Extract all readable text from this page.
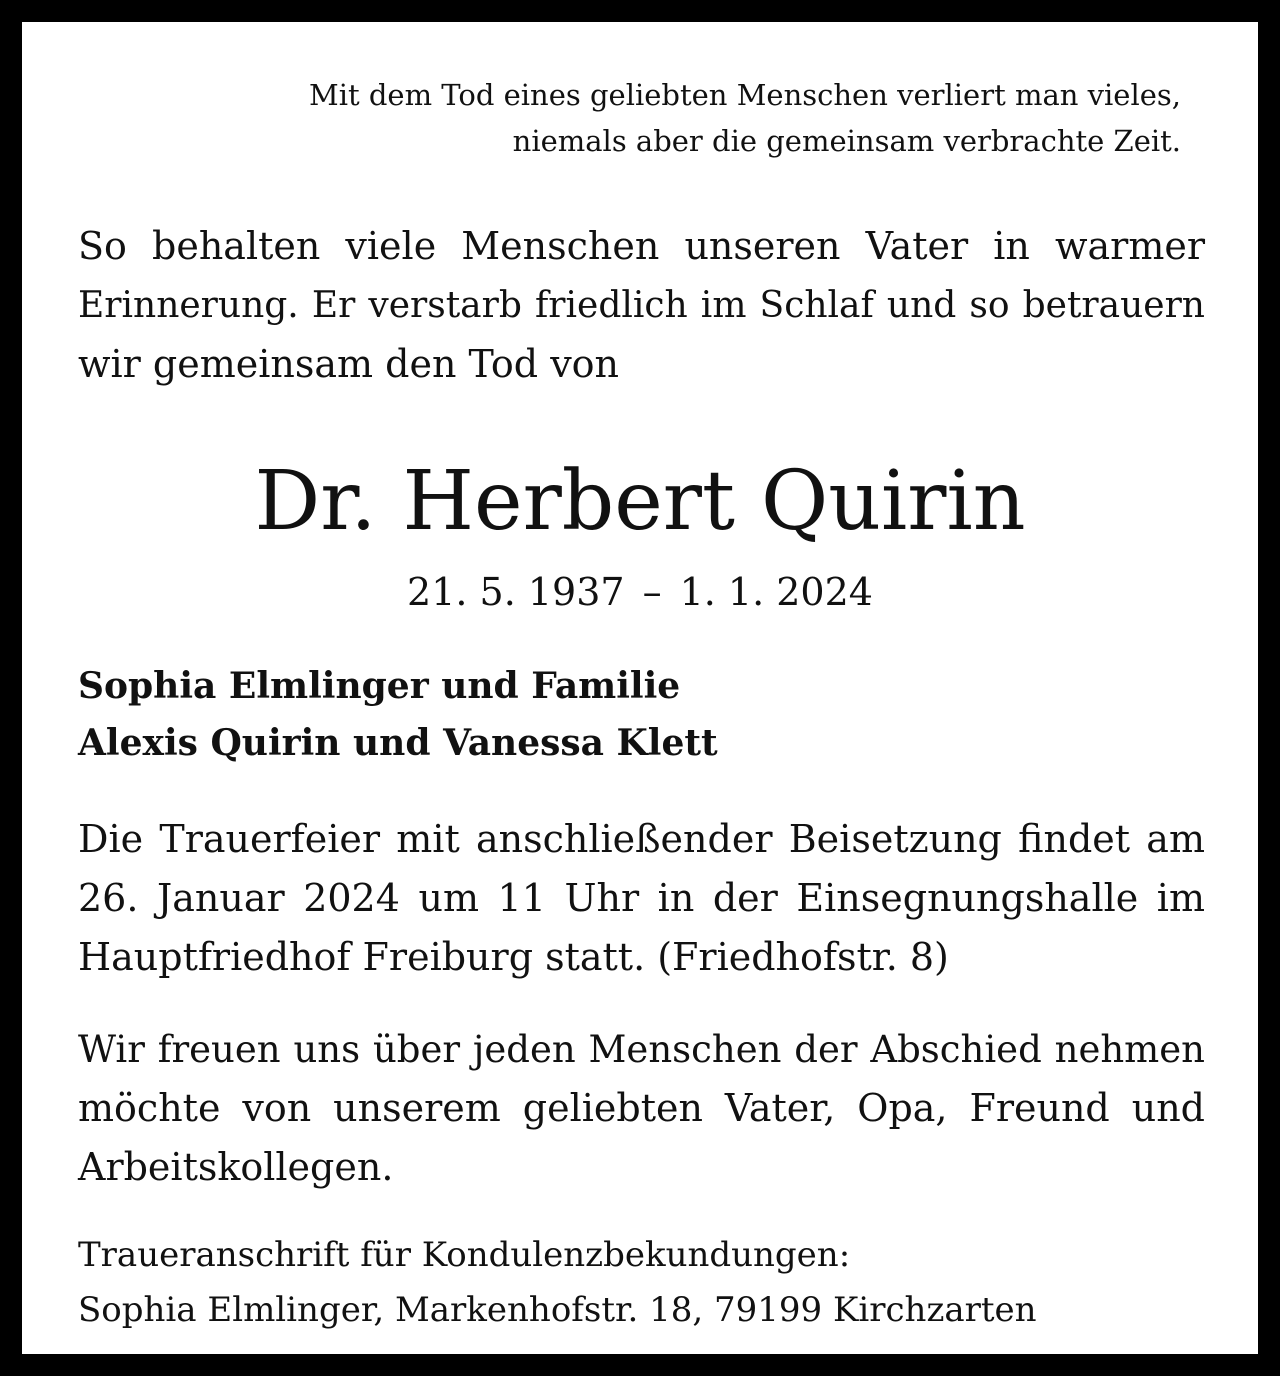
Mit dem Tod eines geliebten Menschen verliert man vieles,
niemals aber die gemeinsam verbrachte Zeit.
So behalten viele Menschen unseren Vater in warmer
Erinnerung. Er verstarb friedlich im Schlaf und so betrauern
wir gemeinsam den Tod von
Dr. Herbert Quirin
21. 5. 1937 – 1. 1. 2024
Sophia Elmlinger und Familie
Alexis Quirin und Vanessa Klett
Die Trauerfeier mit anschließender Beisetzung findet am
26. Januar 2024 um 11 Uhr in der Einsegnungshalle im
Hauptfriedhof Freiburg statt. (Friedhofstr. 8)
Wir freuen uns über jeden Menschen der Abschied nehmen
möchte von unserem geliebten Vater, Opa, Freund und
Arbeitskollegen.
Traueranschrift für Kondulenzbekundungen:
Sophia Elmlinger, Markenhofstr. 18, 79199 Kirchzarten
